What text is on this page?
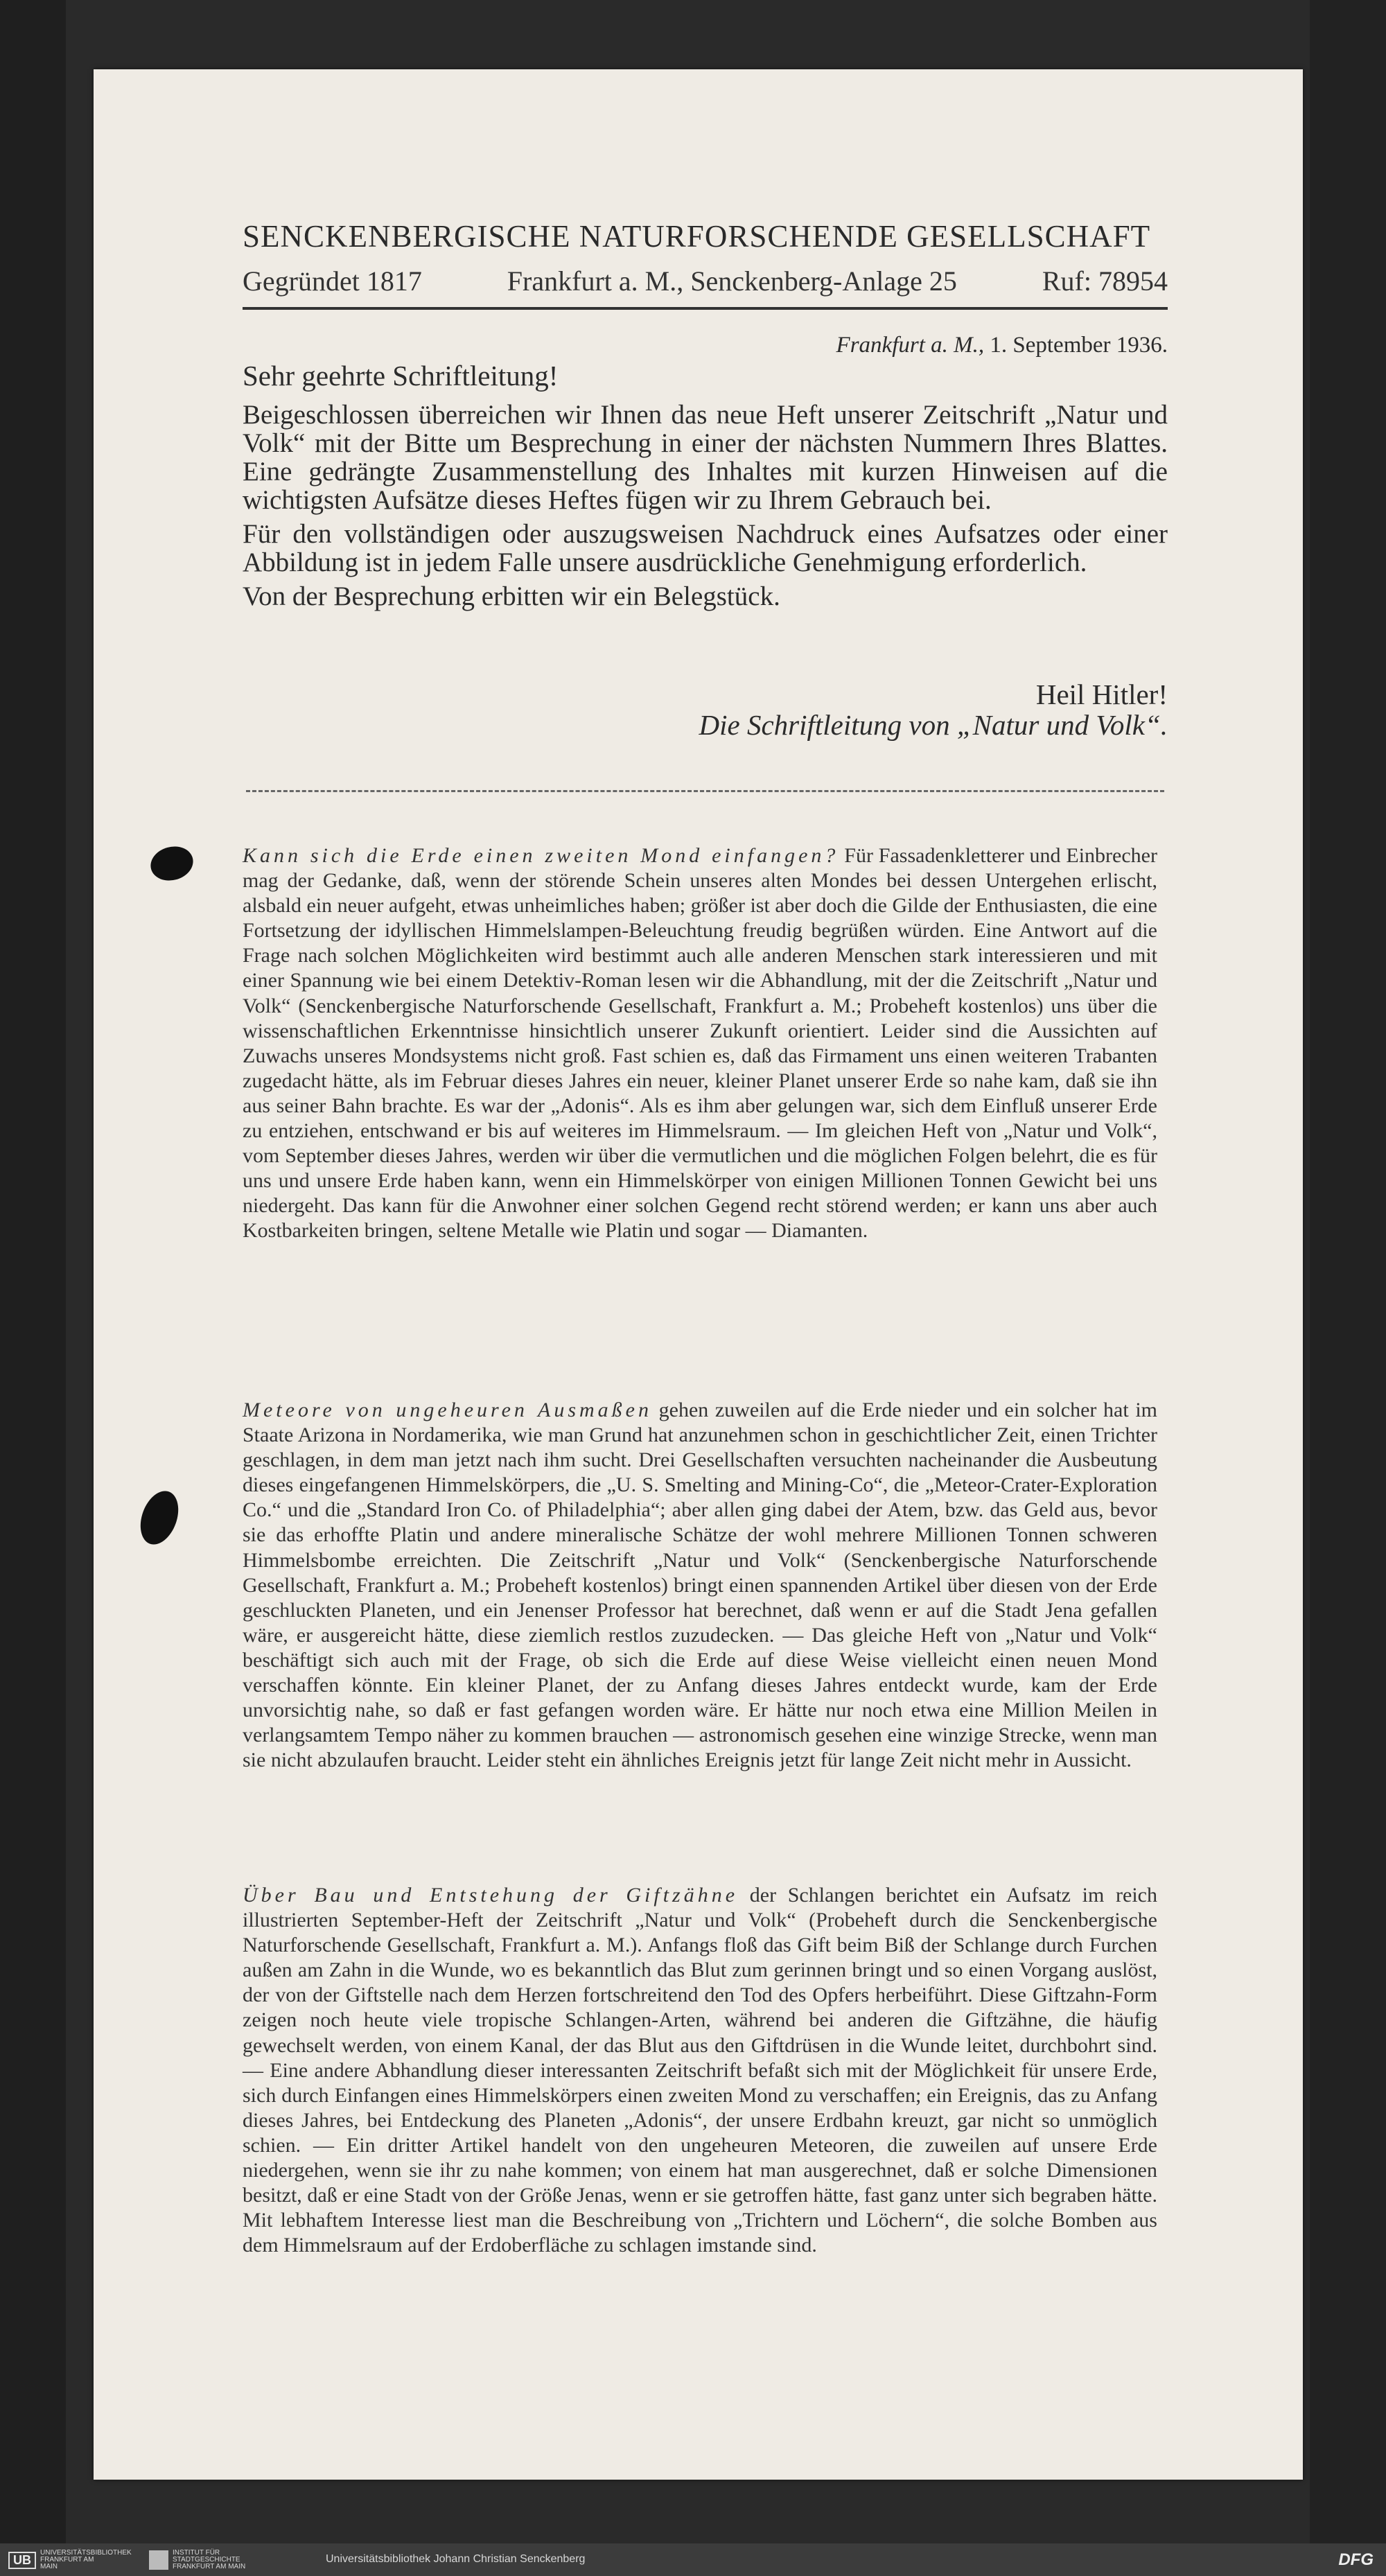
SENCKENBERGISCHE NATURFORSCHENDE GESELLSCHAFT
Gegründet 1817	Frankfurt a. M., Senckenberg-Anlage 25	Ruf: 78954
Frankfurt a. M., 1. September 1936.
Sehr geehrte Schriftleitung!

Beigeschlossen überreichen wir Ihnen das neue Heft unserer Zeitschrift „Natur und Volk“ mit der Bitte um Besprechung in einer der nächsten Nummern Ihres Blattes. Eine gedrängte Zusammenstellung des Inhaltes mit kurzen Hinweisen auf die wichtigsten Aufsätze dieses Heftes fügen wir zu Ihrem Gebrauch bei.

Für den vollständigen oder auszugsweisen Nachdruck eines Aufsatzes oder einer Abbildung ist in jedem Falle unsere ausdrückliche Genehmigung erforderlich.

Von der Besprechung erbitten wir ein Belegstück.

Heil Hitler!
Die Schriftleitung von „Natur und Volk“.
Kann sich die Erde einen zweiten Mond einfangen? Für Fassadenkletterer und Einbrecher mag der Gedanke, daß, wenn der störende Schein unseres alten Mondes bei dessen Untergehen erlischt, alsbald ein neuer aufgeht, etwas unheimliches haben; größer ist aber doch die Gilde der Enthusiasten, die eine Fortsetzung der idyllischen Himmelslampen-Beleuchtung freudig begrüßen würden. Eine Antwort auf die Frage nach solchen Möglichkeiten wird bestimmt auch alle anderen Menschen stark interessieren und mit einer Spannung wie bei einem Detektiv-Roman lesen wir die Abhandlung, mit der die Zeitschrift „Natur und Volk“ (Senckenbergische Naturforschende Gesellschaft, Frankfurt a. M.; Probeheft kostenlos) uns über die wissenschaftlichen Erkenntnisse hinsichtlich unserer Zukunft orientiert. Leider sind die Aussichten auf Zuwachs unseres Mondsystems nicht groß. Fast schien es, daß das Firmament uns einen weiteren Trabanten zugedacht hätte, als im Februar dieses Jahres ein neuer, kleiner Planet unserer Erde so nahe kam, daß sie ihn aus seiner Bahn brachte. Es war der „Adonis“. Als es ihm aber gelungen war, sich dem Einfluß unserer Erde zu entziehen, entschwand er bis auf weiteres im Himmelsraum. — Im gleichen Heft von „Natur und Volk“, vom September dieses Jahres, werden wir über die vermutlichen und die möglichen Folgen belehrt, die es für uns und unsere Erde haben kann, wenn ein Himmelskörper von einigen Millionen Tonnen Gewicht bei uns niedergeht. Das kann für die Anwohner einer solchen Gegend recht störend werden; er kann uns aber auch Kostbarkeiten bringen, seltene Metalle wie Platin und sogar — Diamanten.
Meteore von ungeheuren Ausmaßen gehen zuweilen auf die Erde nieder und ein solcher hat im Staate Arizona in Nordamerika, wie man Grund hat anzunehmen schon in geschichtlicher Zeit, einen Trichter geschlagen, in dem man jetzt nach ihm sucht. Drei Gesellschaften versuchten nacheinander die Ausbeutung dieses eingefangenen Himmelskörpers, die „U. S. Smelting and Mining-Co“, die „Meteor-Crater-Exploration Co.“ und die „Standard Iron Co. of Philadelphia“; aber allen ging dabei der Atem, bzw. das Geld aus, bevor sie das erhoffte Platin und andere mineralische Schätze der wohl mehrere Millionen Tonnen schweren Himmelsbombe erreichten. Die Zeitschrift „Natur und Volk“ (Senckenbergische Naturforschende Gesellschaft, Frankfurt a. M.; Probeheft kostenlos) bringt einen spannenden Artikel über diesen von der Erde geschluckten Planeten, und ein Jenenser Professor hat berechnet, daß wenn er auf die Stadt Jena gefallen wäre, er ausgereicht hätte, diese ziemlich restlos zuzudecken. — Das gleiche Heft von „Natur und Volk“ beschäftigt sich auch mit der Frage, ob sich die Erde auf diese Weise vielleicht einen neuen Mond verschaffen könnte. Ein kleiner Planet, der zu Anfang dieses Jahres entdeckt wurde, kam der Erde unvorsichtig nahe, so daß er fast gefangen worden wäre. Er hätte nur noch etwa eine Million Meilen in verlangsamtem Tempo näher zu kommen brauchen — astronomisch gesehen eine winzige Strecke, wenn man sie nicht abzulaufen braucht. Leider steht ein ähnliches Ereignis jetzt für lange Zeit nicht mehr in Aussicht.
Über Bau und Entstehung der Giftzähne der Schlangen berichtet ein Aufsatz im reich illustrierten September-Heft der Zeitschrift „Natur und Volk“ (Probeheft durch die Senckenbergische Naturforschende Gesellschaft, Frankfurt a. M.). Anfangs floß das Gift beim Biß der Schlange durch Furchen außen am Zahn in die Wunde, wo es bekanntlich das Blut zum gerinnen bringt und so einen Vorgang auslöst, der von der Giftstelle nach dem Herzen fortschreitend den Tod des Opfers herbeiführt. Diese Giftzahn-Form zeigen noch heute viele tropische Schlangen-Arten, während bei anderen die Giftzähne, die häufig gewechselt werden, von einem Kanal, der das Blut aus den Giftdrüsen in die Wunde leitet, durchbohrt sind. — Eine andere Abhandlung dieser interessanten Zeitschrift befaßt sich mit der Möglichkeit für unsere Erde, sich durch Einfangen eines Himmelskörpers einen zweiten Mond zu verschaffen; ein Ereignis, das zu Anfang dieses Jahres, bei Entdeckung des Planeten „Adonis“, der unsere Erdbahn kreuzt, gar nicht so unmöglich schien. — Ein dritter Artikel handelt von den ungeheuren Meteoren, die zuweilen auf unsere Erde niedergehen, wenn sie ihr zu nahe kommen; von einem hat man ausgerechnet, daß er solche Dimensionen besitzt, daß er eine Stadt von der Größe Jenas, wenn er sie getroffen hätte, fast ganz unter sich begraben hätte. Mit lebhaftem Interesse liest man die Beschreibung von „Trichtern und Löchern“, die solche Bomben aus dem Himmelsraum auf der Erdoberfläche zu schlagen imstande sind.
UB	UNIVERSITÄTSBIBLIOTHEK FRANKFURT AM MAIN
INSTITUT FÜR STADTGESCHICHTE FRANKFURT AM MAIN
Universitätsbibliothek Johann Christian Senckenberg	DFG
